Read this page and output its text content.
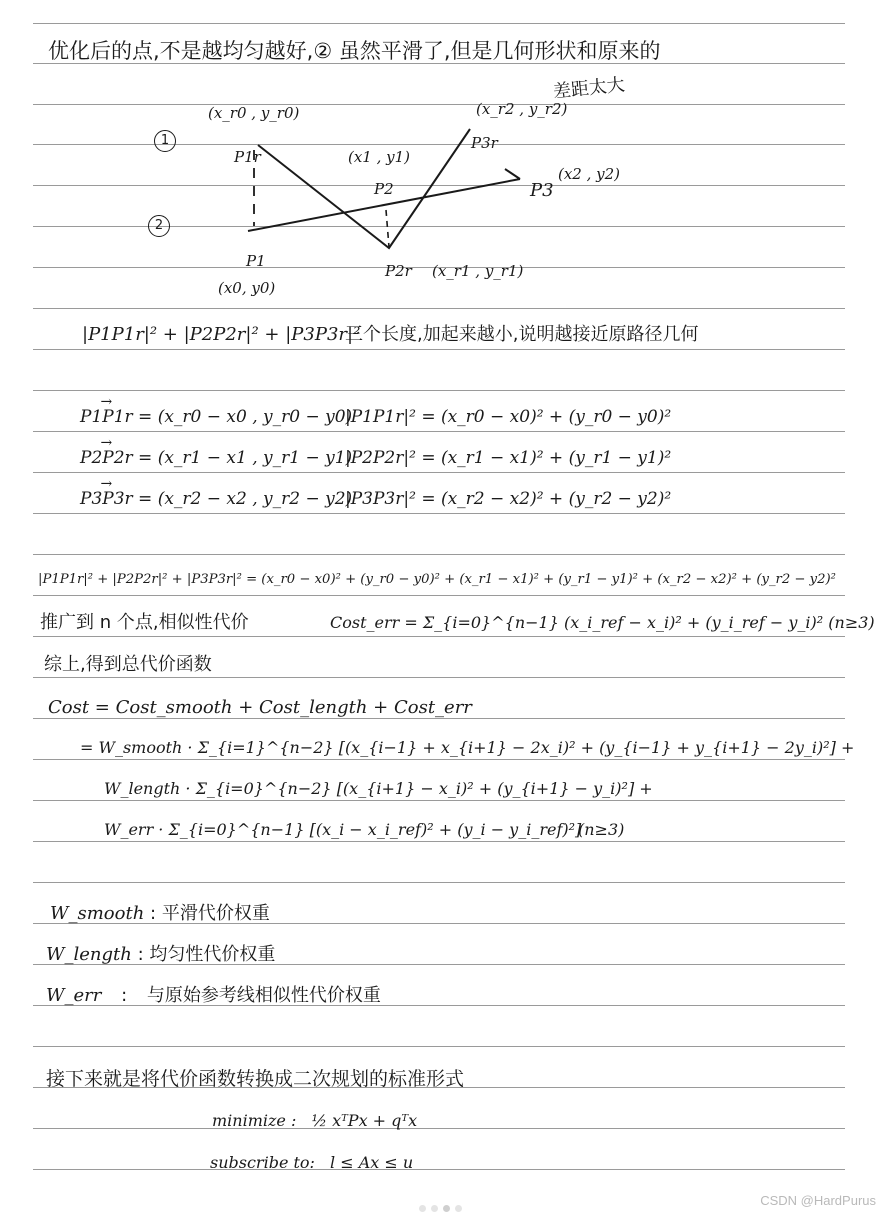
优化后的点,不是越均匀越好,② 虽然平滑了,但是几何形状和原来的
差距太大
1
2
(x_r0 , y_r0)
P1r
P1
(x0, y0)
(x1 , y1)
P2
P2r (x_r1 , y_r1)
(x_r2 , y_r2)
P3r
P3
(x2 , y2)
|P1P1r|² + |P2P2r|² + |P3P3r|²
三个长度,加起来越小,说明越接近原路径几何
→ P1P1r = (x_r0 − x0 , y_r0 − y0)
|P1P1r|² = (x_r0 − x0)² + (y_r0 − y0)²
→ P2P2r = (x_r1 − x1 , y_r1 − y1)
|P2P2r|² = (x_r1 − x1)² + (y_r1 − y1)²
→ P3P3r = (x_r2 − x2 , y_r2 − y2)
|P3P3r|² = (x_r2 − x2)² + (y_r2 − y2)²
|P1P1r|² + |P2P2r|² + |P3P3r|² = (x_r0 − x0)² + (y_r0 − y0)² + (x_r1 − x1)² + (y_r1 − y1)² + (x_r2 − x2)² + (y_r2 − y2)²
推广到 n 个点,相似性代价	Cost_err = Σ_{i=0}^{n−1} (x_i_ref − x_i)² + (y_i_ref − y_i)² (n≥3)
综上,得到总代价函数
Cost = Cost_smooth + Cost_length + Cost_err
= W_smooth · Σ_{i=1}^{n−2} [(x_{i−1} + x_{i+1} − 2x_i)² + (y_{i−1} + y_{i+1} − 2y_i)²] +
W_length · Σ_{i=0}^{n−2} [(x_{i+1} − x_i)² + (y_{i+1} − y_i)²] +
W_err · Σ_{i=0}^{n−1} [(x_i − x_i_ref)² + (y_i − y_i_ref)²]
(n≥3)
W_smooth : 平滑代价权重
W_length : 均匀性代价权重
W_err : 与原始参考线相似性代价权重
接下来就是将代价函数转换成二次规划的标准形式
minimize : ½ xᵀPx + qᵀx
subscribe to: l ≤ Ax ≤ u
CSDN @HardPurus
